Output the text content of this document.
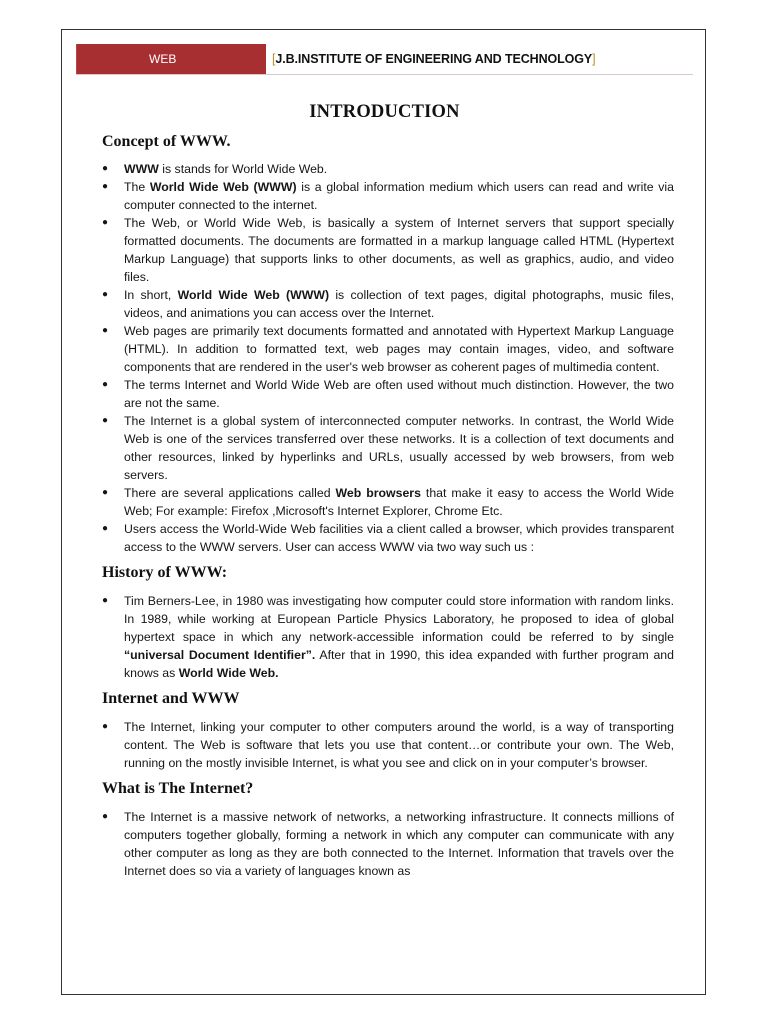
WEB TECHNOLOGIES
[J.B.INSTITUTE OF ENGINEERING AND TECHNOLOGY]
INTRODUCTION
Concept of WWW.
● WWW is stands for World Wide Web.
● The World Wide Web (WWW) is a global information medium which users can read and write via computer connected to the internet.
● The Web, or World Wide Web, is basically a system of Internet servers that support specially formatted documents. The documents are formatted in a markup language called HTML (Hypertext Markup Language) that supports links to other documents, as well as graphics, audio, and video files.
● In short, World Wide Web (WWW) is collection of text pages, digital photographs, music files, videos, and animations you can access over the Internet.
● Web pages are primarily text documents formatted and annotated with Hypertext Markup Language (HTML). In addition to formatted text, web pages may contain images, video, and software components that are rendered in the user's web browser as coherent pages of multimedia content.
● The terms Internet and World Wide Web are often used without much distinction. However, the two are not the same.
● The Internet is a global system of interconnected computer networks. In contrast, the World Wide Web is one of the services transferred over these networks. It is a collection of text documents and other resources, linked by hyperlinks and URLs, usually accessed by web browsers, from web servers.
● There are several applications called Web browsers that make it easy to access the World Wide Web; For example: Firefox ,Microsoft's Internet Explorer, Chrome Etc.
● Users access the World-Wide Web facilities via a client called a browser, which provides transparent access to the WWW servers. User can access WWW via two way such us :
History of WWW:
● Tim Berners-Lee, in 1980 was investigating how computer could store information with random links. In 1989, while working at European Particle Physics Laboratory, he proposed to idea of global hypertext space in which any network-accessible information could be referred to by single “universal Document Identifier”. After that in 1990, this idea expanded with further program and knows as World Wide Web.
Internet and WWW
● The Internet, linking your computer to other computers around the world, is a way of transporting content. The Web is software that lets you use that content…or contribute your own. The Web, running on the mostly invisible Internet, is what you see and click on in your computer’s browser.
What is The Internet?
● The Internet is a massive network of networks, a networking infrastructure. It connects millions of computers together globally, forming a network in which any computer can communicate with any other computer as long as they are both connected to the Internet. Information that travels over the Internet does so via a variety of languages known as
